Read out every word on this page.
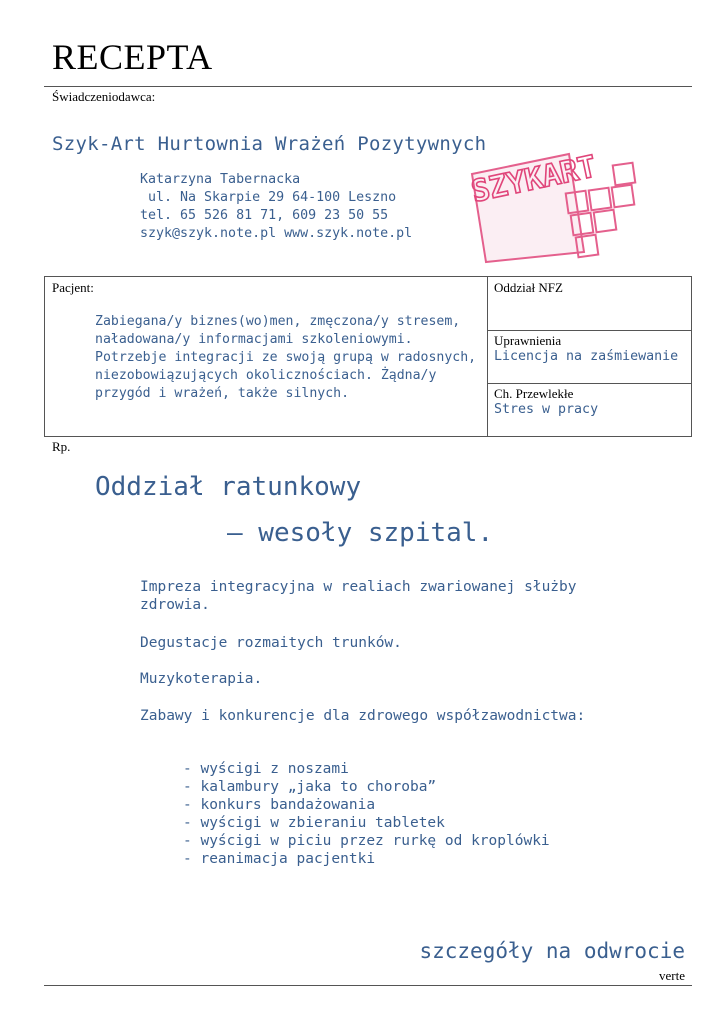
RECEPTA
Świadczeniodawca:
Szyk-Art Hurtownia Wrażeń Pozytywnych
Katarzyna Tabernacka
ul. Na Skarpie 29 64-100 Leszno
tel. 65 526 81 71, 609 23 50 55
szyk@szyk.note.pl www.szyk.note.pl
SZYKART
Pacjent:
Zabiegana/y biznes(wo)men, zmęczona/y stresem, naładowana/y informacjami szkoleniowymi. Potrzebje integracji ze swoją grupą w radosnych, niezobowiązujących okolicznościach. Żądna/y przygód i wrażeń, także silnych.
Oddział NFZ
Uprawnienia
Licencja na zaśmiewanie
Ch. Przewlekłe
Stres w pracy
Rp.
Oddział ratunkowy
– wesoły szpital.
Impreza integracyjna w realiach zwariowanej służby zdrowia.
Degustacje rozmaitych trunków.
Muzykoterapia.
Zabawy i konkurencje dla zdrowego współzawodnictwa:
- wyścigi z noszami
- kalambury „jaka to choroba”
- konkurs bandażowania
- wyścigi w zbieraniu tabletek
- wyścigi w piciu przez rurkę od kroplówki
- reanimacja pacjentki
szczegóły na odwrocie
verte
